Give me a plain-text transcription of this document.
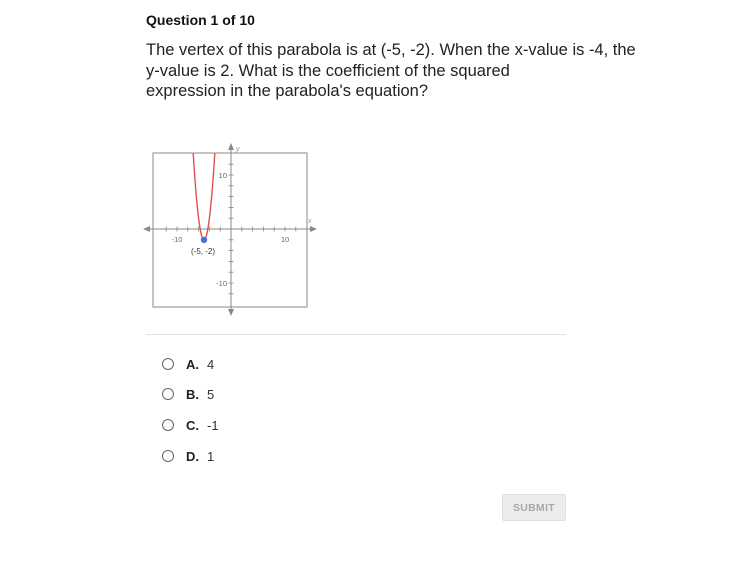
Question 1 of 10
The vertex of this parabola is at (-5, -2). When the x-value is -4, the
y-value is 2. What is the coefficient of the squared
expression in the parabola's equation?
x
y
-10	10
10
-10
(-5, -2)
A. 4
B. 5
C. -1
D. 1
SUBMIT
